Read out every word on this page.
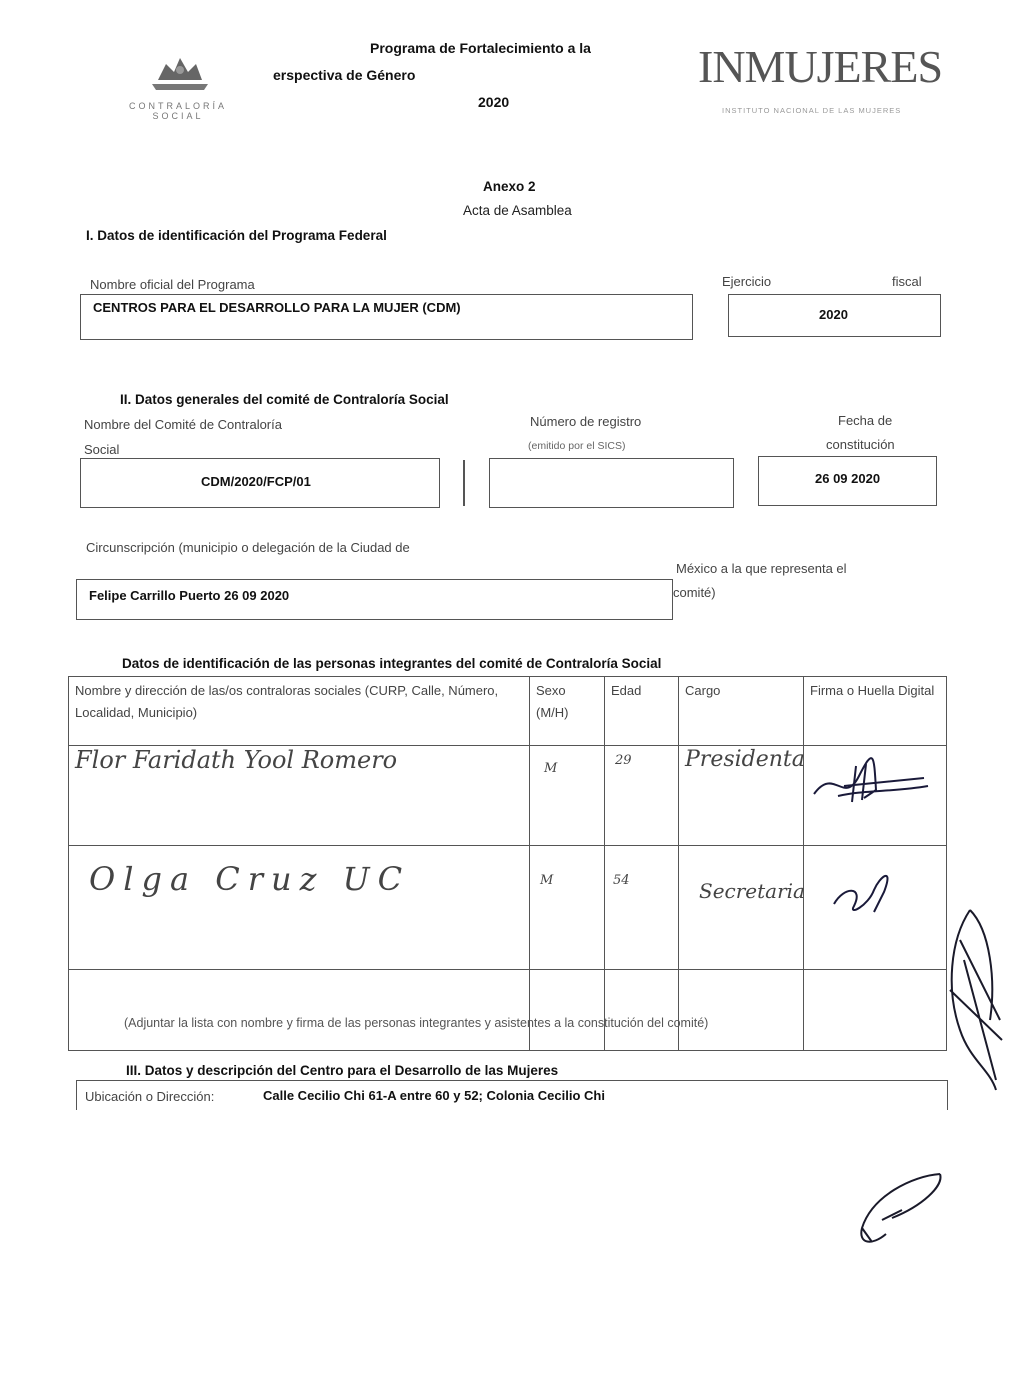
CONTRALORÍA SOCIAL
Programa de Fortalecimiento a la
erspectiva de Género
2020
INMUJERES
INSTITUTO NACIONAL DE LAS MUJERES
Anexo 2
Acta de Asamblea
I. Datos de identificación del Programa Federal
Nombre oficial del Programa
CENTROS PARA EL DESARROLLO PARA LA MUJER (CDM)
Ejercicio	fiscal
2020
II. Datos generales del comité de Contraloría Social
Nombre del Comité de Contraloría
Social
CDM/2020/FCP/01
Número de registro
(emitido por el SICS)
Fecha de
constitución
26 09 2020
Circunscripción (municipio o delegación de la Ciudad de
Felipe Carrillo Puerto 26 09 2020
México a la que representa el
comité)
Datos de identificación de las personas integrantes del comité de Contraloría Social
Nombre y dirección de las/os contraloras sociales (CURP, Calle, Número, Localidad, Municipio)	Sexo (M/H)	Edad	Cargo	Firma o Huella Digital
Flor Faridath Yool Romero	M	29	Presidenta	
Olga Cruz UC	M	54	Secretaria	

(Adjuntar la lista con nombre y firma de las personas integrantes y asistentes a la constitución del comité)
III. Datos y descripción del Centro para el Desarrollo de las Mujeres
Ubicación o Dirección:	Calle Cecilio Chi 61-A entre 60 y 52; Colonia Cecilio Chi
